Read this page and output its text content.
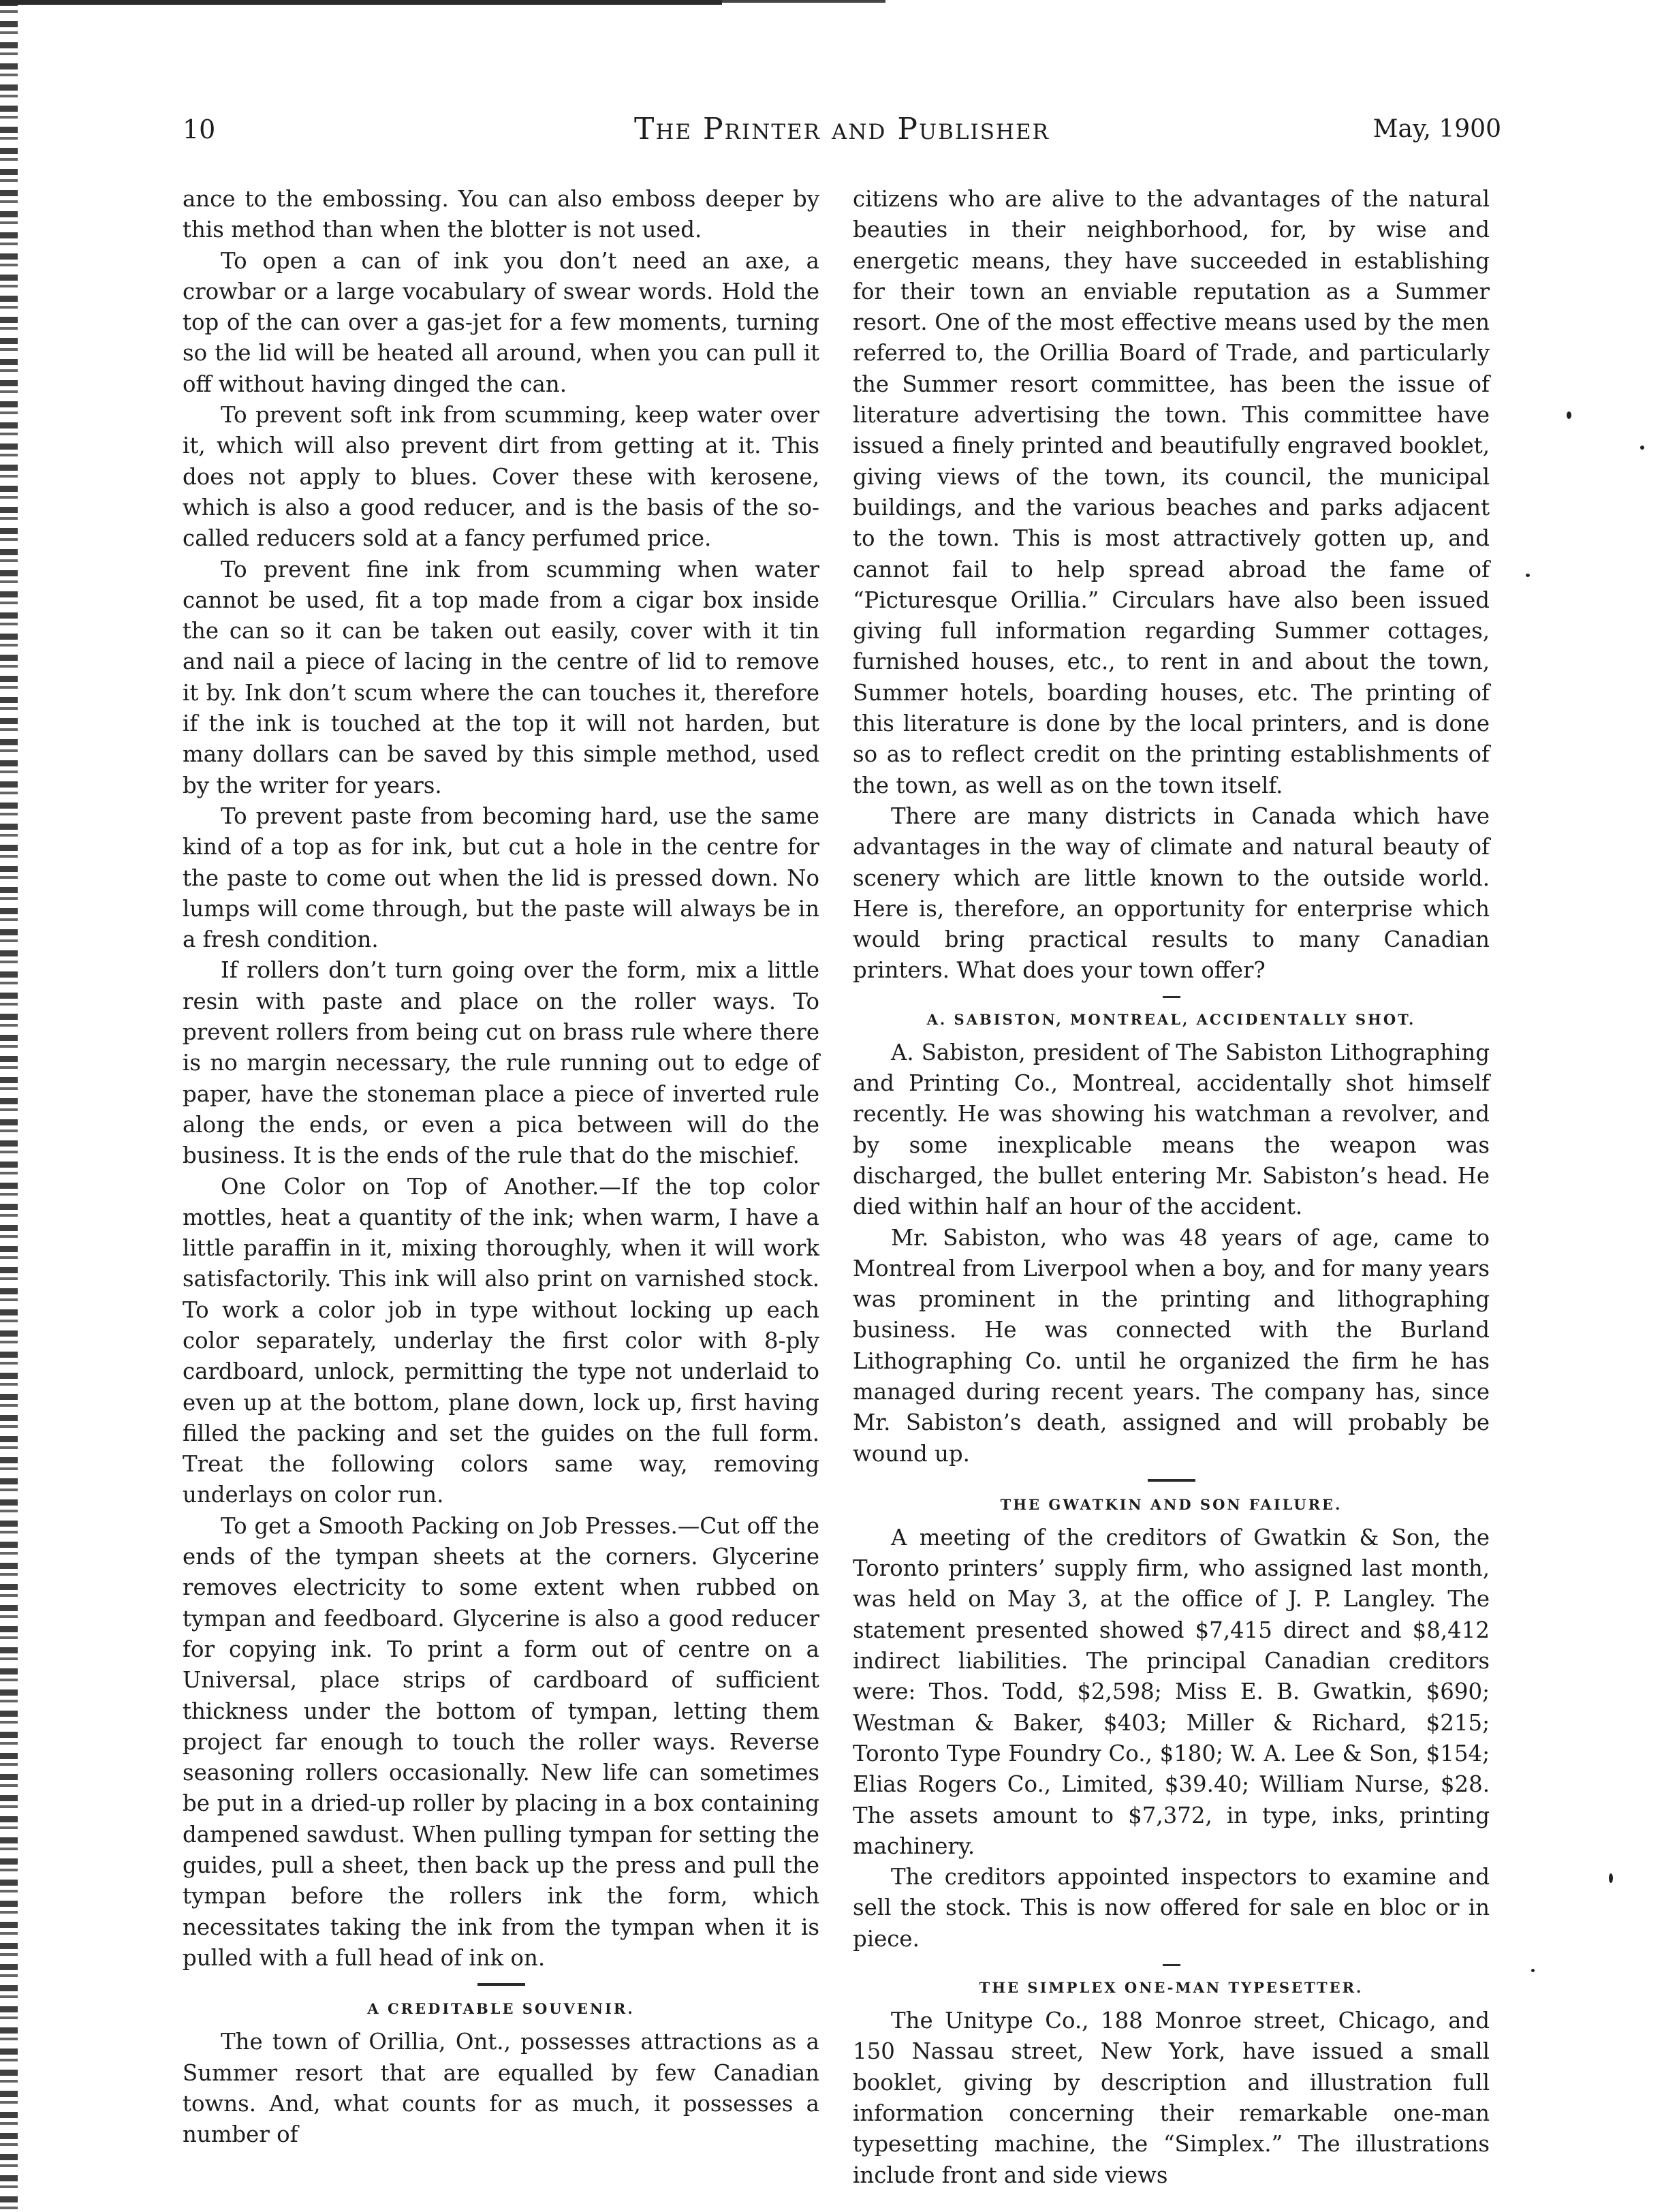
10	The Printer and Publisher	May, 1900

ance to the embossing. You can also emboss deeper by this method than when the blotter is not used.

To open a can of ink you don’t need an axe, a crowbar or a large vocabulary of swear words. Hold the top of the can over a gas-jet for a few moments, turning so the lid will be heated all around, when you can pull it off without having dinged the can.

To prevent soft ink from scumming, keep water over it, which will also prevent dirt from getting at it. This does not apply to blues. Cover these with kerosene, which is also a good reducer, and is the basis of the so-called reducers sold at a fancy perfumed price.

To prevent fine ink from scumming when water cannot be used, fit a top made from a cigar box inside the can so it can be taken out easily, cover with it tin and nail a piece of lacing in the centre of lid to remove it by. Ink don’t scum where the can touches it, therefore if the ink is touched at the top it will not harden, but many dollars can be saved by this simple method, used by the writer for years.

To prevent paste from becoming hard, use the same kind of a top as for ink, but cut a hole in the centre for the paste to come out when the lid is pressed down. No lumps will come through, but the paste will always be in a fresh condition.

If rollers don’t turn going over the form, mix a little resin with paste and place on the roller ways. To prevent rollers from being cut on brass rule where there is no margin necessary, the rule running out to edge of paper, have the stoneman place a piece of inverted rule along the ends, or even a pica between will do the business. It is the ends of the rule that do the mischief.

One Color on Top of Another.—If the top color mottles, heat a quantity of the ink; when warm, I have a little paraffin in it, mixing thoroughly, when it will work satisfactorily. This ink will also print on varnished stock. To work a color job in type without locking up each color separately, underlay the first color with 8-ply cardboard, unlock, permitting the type not underlaid to even up at the bottom, plane down, lock up, first having filled the packing and set the guides on the full form. Treat the following colors same way, removing underlays on color run.

To get a Smooth Packing on Job Presses.—Cut off the ends of the tympan sheets at the corners. Glycerine removes electricity to some extent when rubbed on tympan and feedboard. Glycerine is also a good reducer for copying ink. To print a form out of centre on a Universal, place strips of cardboard of sufficient thickness under the bottom of tympan, letting them project far enough to touch the roller ways. Reverse seasoning rollers occasionally. New life can sometimes be put in a dried-up roller by placing in a box containing dampened sawdust. When pulling tympan for setting the guides, pull a sheet, then back up the press and pull the tympan before the rollers ink the form, which necessitates taking the ink from the tympan when it is pulled with a full head of ink on.

A CREDITABLE SOUVENIR.

The town of Orillia, Ont., possesses attractions as a Summer resort that are equalled by few Canadian towns. And, what counts for as much, it possesses a number of

citizens who are alive to the advantages of the natural beauties in their neighborhood, for, by wise and energetic means, they have succeeded in establishing for their town an enviable reputation as a Summer resort. One of the most effective means used by the men referred to, the Orillia Board of Trade, and particularly the Summer resort committee, has been the issue of literature advertising the town. This committee have issued a finely printed and beautifully engraved booklet, giving views of the town, its council, the municipal buildings, and the various beaches and parks adjacent to the town. This is most attractively gotten up, and cannot fail to help spread abroad the fame of “Picturesque Orillia.” Circulars have also been issued giving full information regarding Summer cottages, furnished houses, etc., to rent in and about the town, Summer hotels, boarding houses, etc. The printing of this literature is done by the local printers, and is done so as to reflect credit on the printing establishments of the town, as well as on the town itself.

There are many districts in Canada which have advantages in the way of climate and natural beauty of scenery which are little known to the outside world. Here is, therefore, an opportunity for enterprise which would bring practical results to many Canadian printers. What does your town offer?

A. SABISTON, MONTREAL, ACCIDENTALLY SHOT.

A. Sabiston, president of The Sabiston Lithographing and Printing Co., Montreal, accidentally shot himself recently. He was showing his watchman a revolver, and by some inexplicable means the weapon was discharged, the bullet entering Mr. Sabiston’s head. He died within half an hour of the accident.

Mr. Sabiston, who was 48 years of age, came to Montreal from Liverpool when a boy, and for many years was prominent in the printing and lithographing business. He was connected with the Burland Lithographing Co. until he organized the firm he has managed during recent years. The company has, since Mr. Sabiston’s death, assigned and will probably be wound up.

THE GWATKIN AND SON FAILURE.

A meeting of the creditors of Gwatkin & Son, the Toronto printers’ supply firm, who assigned last month, was held on May 3, at the office of J. P. Langley. The statement presented showed $7,415 direct and $8,412 indirect liabilities. The principal Canadian creditors were: Thos. Todd, $2,598; Miss E. B. Gwatkin, $690; Westman & Baker, $403; Miller & Richard, $215; Toronto Type Foundry Co., $180; W. A. Lee & Son, $154; Elias Rogers Co., Limited, $39.40; William Nurse, $28. The assets amount to $7,372, in type, inks, printing machinery.

The creditors appointed inspectors to examine and sell the stock. This is now offered for sale en bloc or in piece.

THE SIMPLEX ONE-MAN TYPESETTER.

The Unitype Co., 188 Monroe street, Chicago, and 150 Nassau street, New York, have issued a small booklet, giving by description and illustration full information concerning their remarkable one-man typesetting machine, the “Simplex.” The illustrations include front and side views
